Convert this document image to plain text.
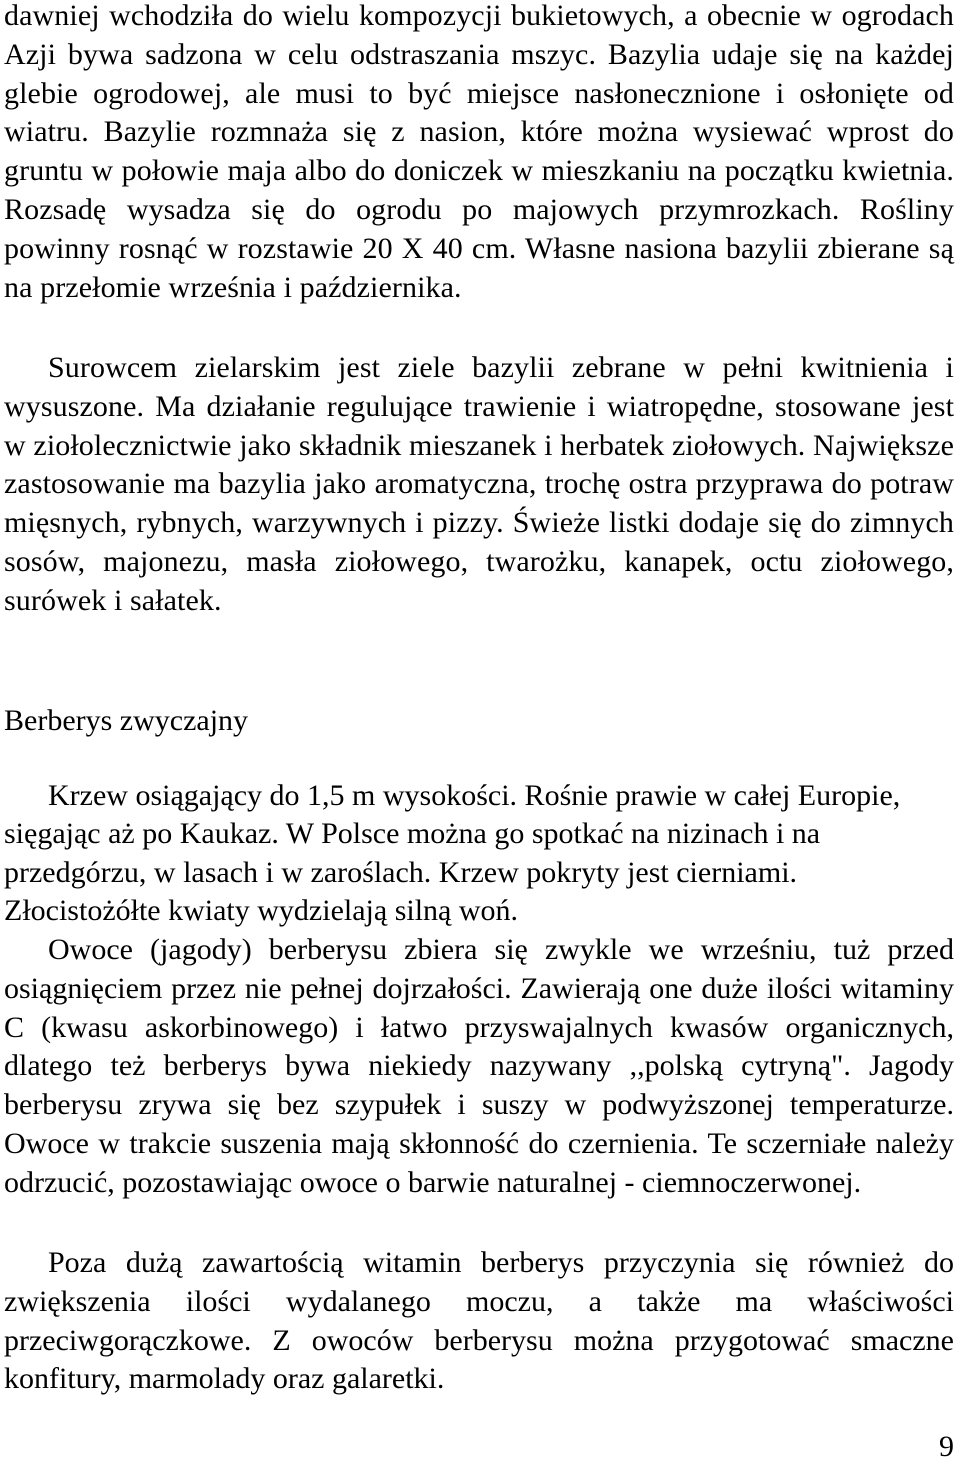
dawniej wchodziła do wielu kompozycji bukietowych, a obecnie w ogrodach Azji bywa sadzona w celu odstraszania mszyc. Bazylia udaje się na każdej glebie ogrodowej, ale musi to być miejsce nasłonecznione i osłonięte od wiatru. Bazylie rozmnaża się z nasion, które można wysiewać wprost do gruntu w połowie maja albo do doniczek w mieszkaniu na początku kwietnia. Rozsadę wysadza się do ogrodu po majowych przymrozkach. Rośliny powinny rosnąć w rozstawie 20 X 40 cm. Własne nasiona bazylii zbierane są na przełomie września i października.

Surowcem zielarskim jest ziele bazylii zebrane w pełni kwitnienia i wysuszone. Ma działanie regulujące trawienie i wiatropędne, stosowane jest w ziołolecznictwie jako składnik mieszanek i herbatek ziołowych. Największe zastosowanie ma bazylia jako aromatyczna, trochę ostra przyprawa do potraw mięsnych, rybnych, warzywnych i pizzy. Świeże listki dodaje się do zimnych sosów, majonezu, masła ziołowego, twarożku, kanapek, octu ziołowego, surówek i sałatek.

Berberys zwyczajny

Krzew osiągający do 1,5 m wysokości. Rośnie prawie w całej Europie, sięgając aż po Kaukaz. W Polsce można go spotkać na nizinach i na przedgórzu, w lasach i w zaroślach. Krzew pokryty jest cierniami. Złocistożółte kwiaty wydzielają silną woń.

Owoce (jagody) berberysu zbiera się zwykle we wrześniu, tuż przed osiągnięciem przez nie pełnej dojrzałości. Zawierają one duże ilości witaminy C (kwasu askorbinowego) i łatwo przyswajalnych kwasów organicznych, dlatego też berberys bywa niekiedy nazywany ,,polską cytryną". Jagody berberysu zrywa się bez szypułek i suszy w podwyższonej temperaturze. Owoce w trakcie suszenia mają skłonność do czernienia. Te sczerniałe należy odrzucić, pozostawiając owoce o barwie naturalnej - ciemnoczerwonej.

Poza dużą zawartością witamin berberys przyczynia się również do zwiększenia ilości wydalanego moczu, a także ma właściwości przeciwgorączkowe. Z owoców berberysu można przygotować smaczne konfitury, marmolady oraz galaretki.

9
